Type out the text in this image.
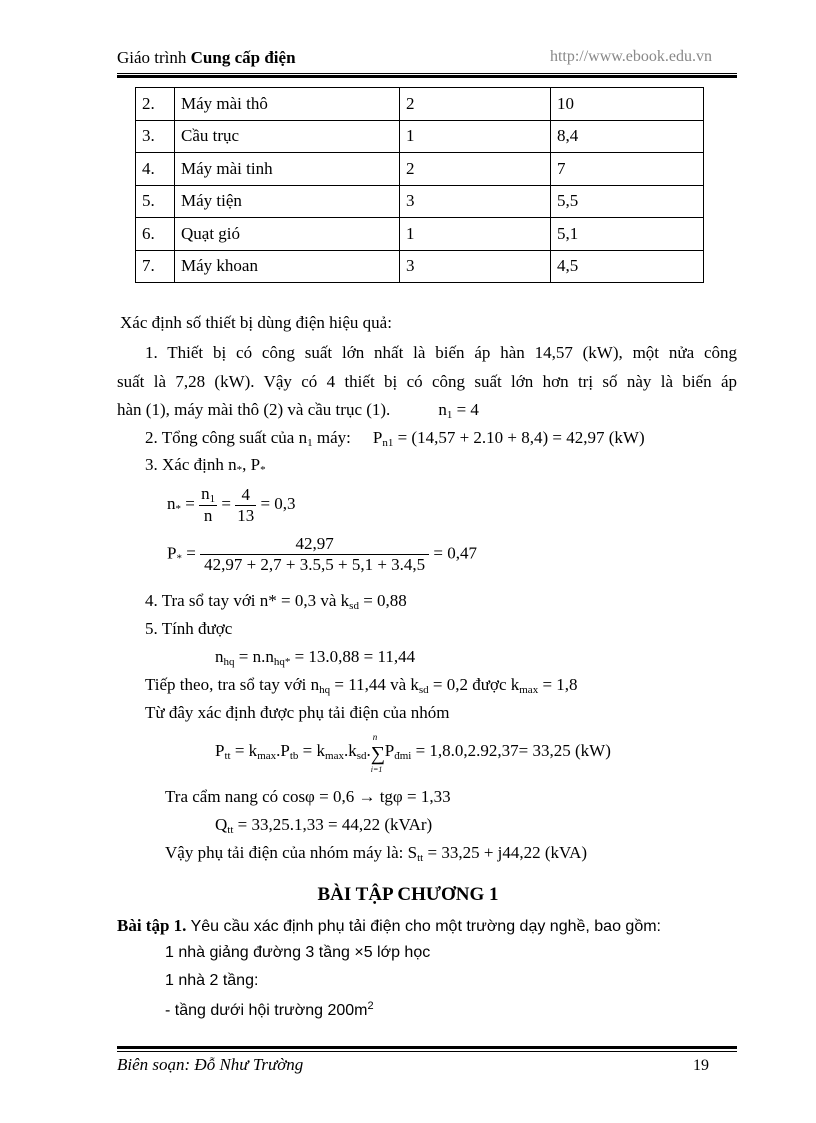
Giáo trình Cung cấp điện	http://www.ebook.edu.vn
2.	Máy mài thô	2	10
3.	Cầu trục	1	8,4
4.	Máy mài tinh	2	7
5.	Máy tiện	3	5,5
6.	Quạt gió	1	5,1
7.	Máy khoan	3	4,5
Xác định số thiết bị dùng điện hiệu quả:
1. Thiết bị có công suất lớn nhất là biến áp hàn 14,57 (kW), một nửa công
suất là 7,28 (kW). Vậy có 4 thiết bị có công suất lớn hơn trị số này là biến áp
hàn (1), máy mài thô (2) và cầu trục (1).	$n_1 = 4$
2. Tổng công suất của $n_1$ máy: $P_{n1} = (14,57 + 2.10 + 8,4) = 42,97$ (kW)
3. Xác định $n_*$, $P_*$
$n_* = \frac{n_1}{n} = \frac{4}{13} = 0,3$
$P_* = \frac{42,97}{42,97 + 2,7 + 3.5,5 + 5,1 + 3.4,5} = 0,47$
4. Tra sổ tay với n* = 0,3 và $k_{sd} = 0,88$
5. Tính được
$n_{hq} = n.n_{hq*} = 13.0,88 = 11,44$
Tiếp theo, tra sổ tay với $n_{hq} = 11,44$ và $k_{sd} = 0,2$ được $k_{max} = 1,8$
Từ đây xác định được phụ tải điện của nhóm
$P_{tt} = k_{max}.P_{tb} = k_{max}.k_{sd}.\sum$
n
i=1
$P_{đmi} = 1,8.0,2.92,37= 33,25$ (kW)
Tra cẩm nang có cosφ = 0,6 → tgφ = 1,33
$Q_{tt} = 33,25.1,33 = 44,22$ (kVAr)
Vậy phụ tải điện của nhóm máy là: $S_{tt} = 33,25 + j44,22$ (kVA)
BÀI TẬP CHƯƠNG 1
Bài tập 1. Yêu cầu xác định phụ tải điện cho một trường dạy nghề, bao gồm:
1 nhà giảng đường 3 tầng ×5 lớp học
1 nhà 2 tầng:
- tầng dưới hội trường $200m^2$
Biên soạn: Đỗ Như Trường	19
